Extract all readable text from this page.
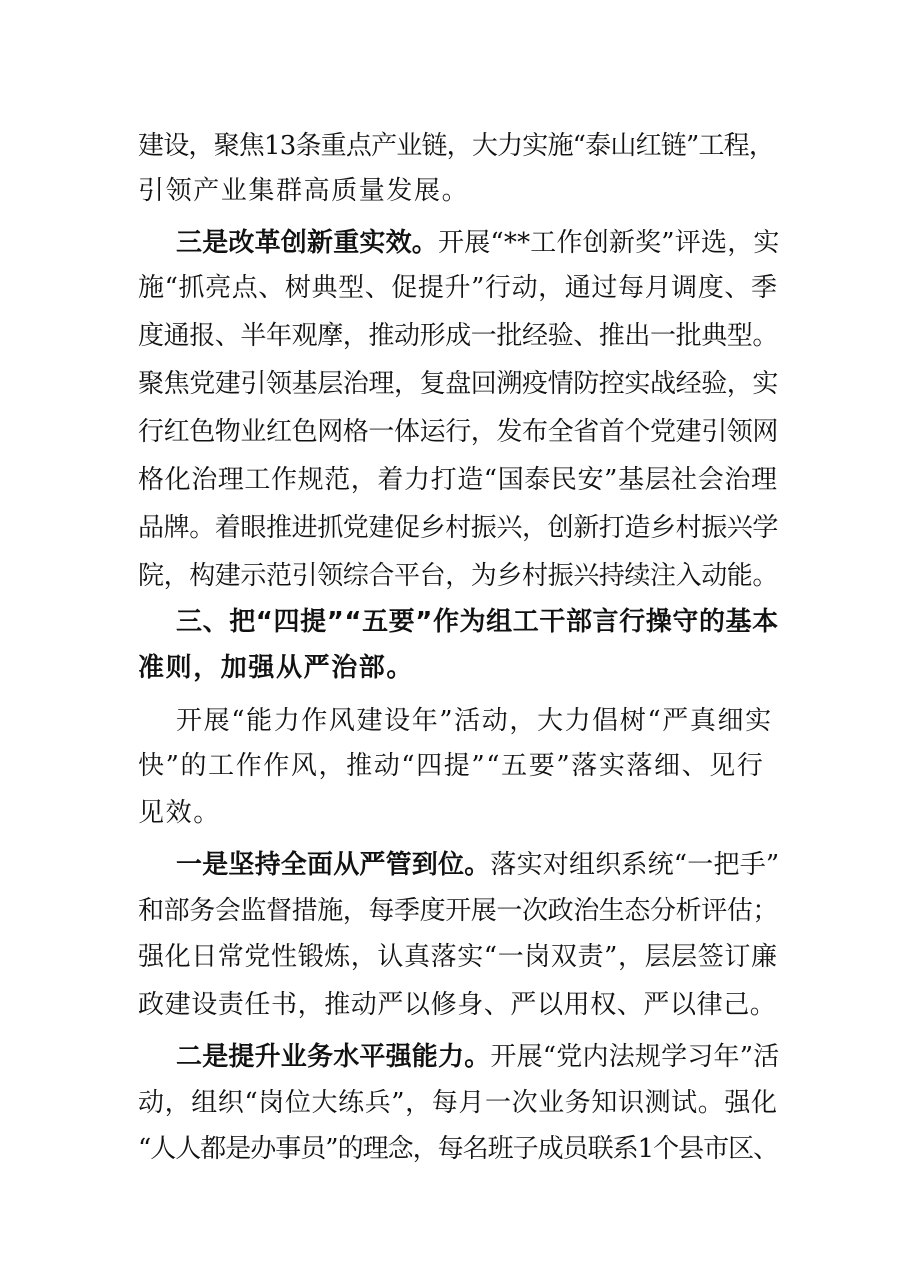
建设，聚焦13条重点产业链，大力实施“泰山红链”工程，
引领产业集群高质量发展。
三是改革创新重实效。开展“**工作创新奖”评选，实
施“抓亮点、树典型、促提升”行动，通过每月调度、季
度通报、半年观摩，推动形成一批经验、推出一批典型。
聚焦党建引领基层治理，复盘回溯疫情防控实战经验，实
行红色物业红色网格一体运行，发布全省首个党建引领网
格化治理工作规范，着力打造“国泰民安”基层社会治理
品牌。着眼推进抓党建促乡村振兴，创新打造乡村振兴学
院，构建示范引领综合平台，为乡村振兴持续注入动能。
三、把“四提”“五要”作为组工干部言行操守的基本
准则，加强从严治部。
开展“能力作风建设年”活动，大力倡树“严真细实
快”的工作作风，推动“四提”“五要”落实落细、见行
见效。
一是坚持全面从严管到位。落实对组织系统“一把手”
和部务会监督措施，每季度开展一次政治生态分析评估；
强化日常党性锻炼，认真落实“一岗双责”，层层签订廉
政建设责任书，推动严以修身、严以用权、严以律己。
二是提升业务水平强能力。开展“党内法规学习年”活
动，组织“岗位大练兵”，每月一次业务知识测试。强化
“人人都是办事员”的理念，每名班子成员联系1个县市区、
